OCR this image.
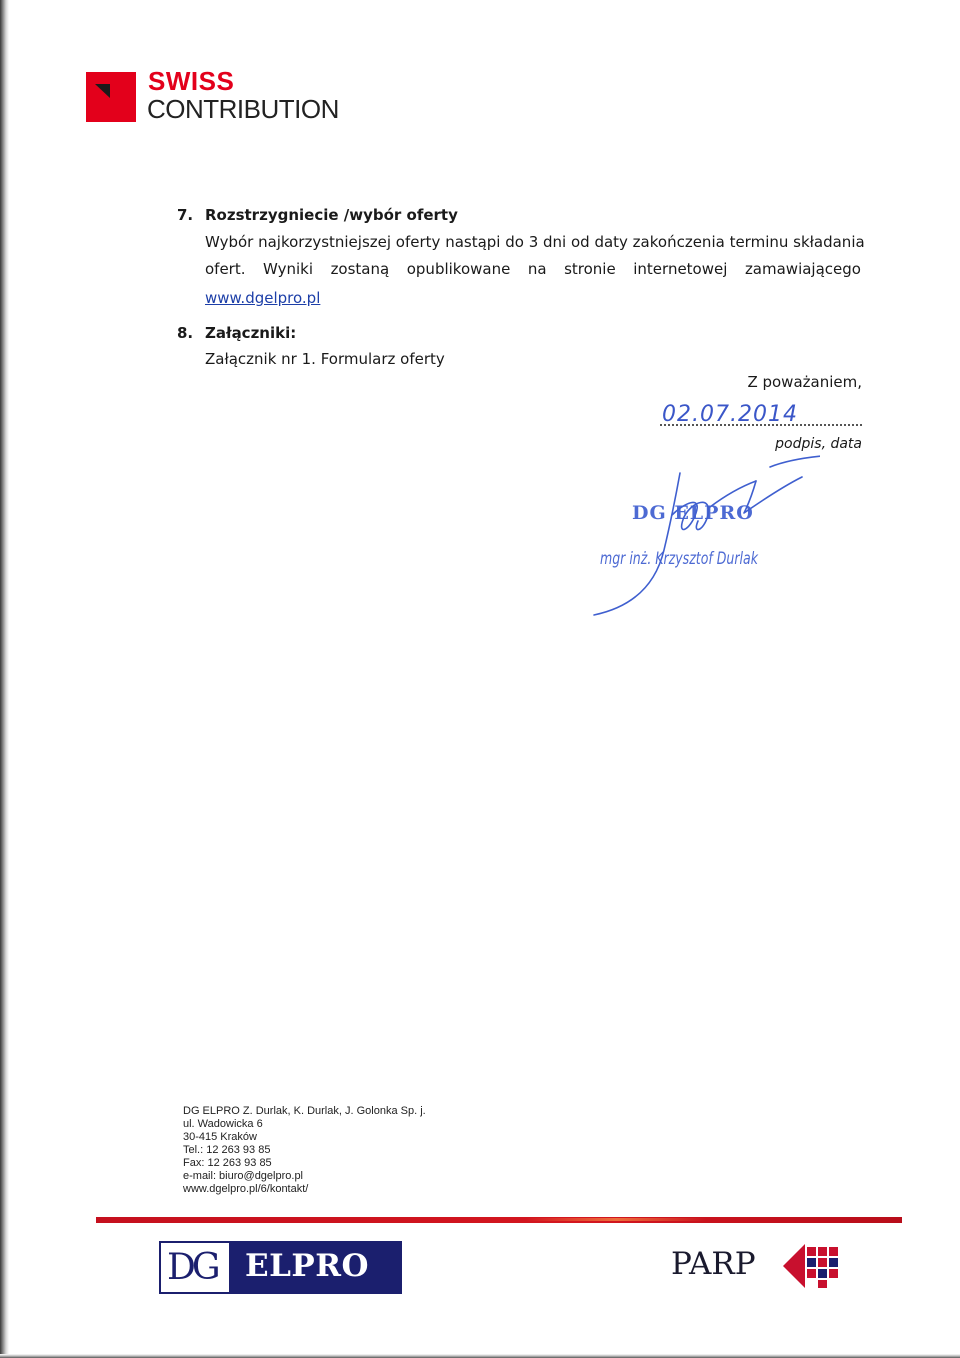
SWISS
CONTRIBUTION
7. Rozstrzygniecie /wybór oferty
Wybór najkorzystniejszej oferty nastąpi do 3 dni od daty zakończenia terminu składania
ofert. Wyniki zostaną opublikowane na stronie internetowej zamawiającego
www.dgelpro.pl
8. Załączniki:
Załącznik nr 1. Formularz oferty
Z poważaniem,
02.07.2014
podpis, data
DG ELPRO
mgr inż. Krzysztof Durlak
DG ELPRO Z. Durlak, K. Durlak, J. Golonka Sp. j.
ul. Wadowicka 6
30-415 Kraków
Tel.: 12 263 93 85
Fax: 12 263 93 85
e-mail: biuro@dgelpro.pl
www.dgelpro.pl/6/kontakt/
DG ELPRO	PARP
